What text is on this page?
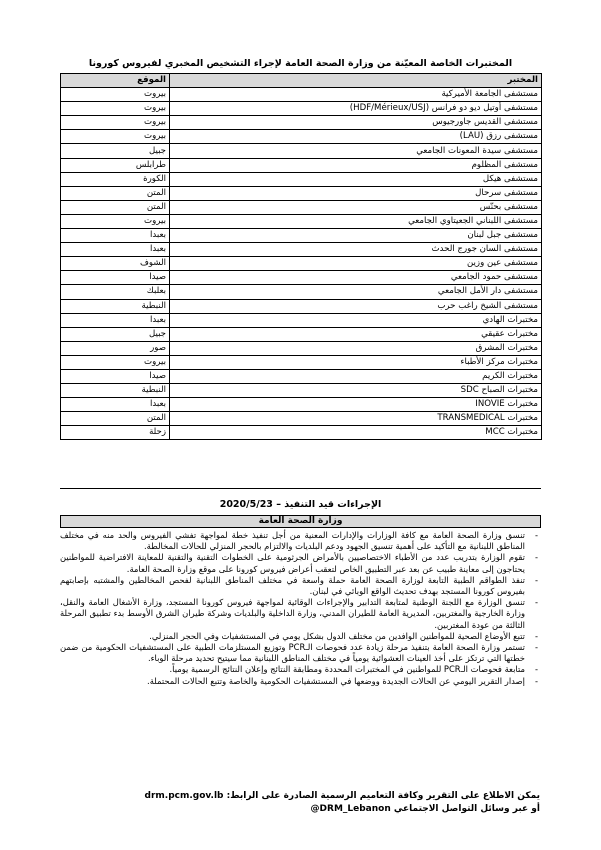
المختبرات الخاصة المعيّنة من وزارة الصحة العامة لإجراء التشخيص المخبري لفيروس كورونا
المختبر	الموقع
مستشفى الجامعة الأميركية	بيروت
مستشفى أوتيل ديو دو فرانس (HDF/Mérieux/USJ)	بيروت
مستشفى القديس جاورجيوس	بيروت
مستشفى رزق (LAU)	بيروت
مستشفى سيدة المعونات الجامعي	جبيل
مستشفى المظلوم	طرابلس
مستشفى هيكل	الكورة
مستشفى سرحال	المتن
مستشفى بحنّس	المتن
مستشفى اللبناني الجعيتاوي الجامعي	بيروت
مستشفى جبل لبنان	بعبدا
مستشفى السان جورج الحدث	بعبدا
مستشفى عين وزين	الشوف
مستشفى حمود الجامعي	صيدا
مستشفى دار الأمل الجامعي	بعلبك
مستشفى الشيخ راغب حرب	النبطية
مختبرات الهادي	بعبدا
مختبرات عقيقي	جبيل
مختبرات المشرق	صور
مختبرات مركز الأطباء	بيروت
مختبرات الكريم	صيدا
مختبرات الصباح SDC	النبطية
مختبرات INOVIE	بعبدا
مختبرات TRANSMEDICAL	المتن
مختبرات MCC	زحلة
الإجراءات قيد التنفيذ – 2020/5/23
وزارة الصحة العامة
-
تنسق وزارة الصحة العامة مع كافة الوزارات والإدارات المعنية من أجل تنفيذ خطة لمواجهة تفشي الفيروس والحد منه في مختلف المناطق اللبنانية مع التأكيد على أهمية تنسيق الجهود ودعم البلديات والالتزام بالحجر المنزلي للحالات المخالطة.
-
تقوم الوزارة بتدريب عدد من الأطباء الاختصاصيين بالأمراض الجرثومية على الخطوات التقنية والتقنية للمعاينة الافتراضية للمواطنين يحتاجون إلى معاينة طبيب عن بعد عبر التطبيق الخاص لتعقب أعراض فيروس كورونا على موقع وزارة الصحة العامة.
-
تنفذ الطواقم الطبية التابعة لوزارة الصحة العامة حملة واسعة في مختلف المناطق اللبنانية لفحص المخالطين والمشتبه بإصابتهم بفيروس كورونا المستجد بهدف تحديث الواقع الوبائي في لبنان.
-
تنسق الوزارة مع اللجنة الوطنية لمتابعة التدابير والإجراءات الوقائية لمواجهة فيروس كورونا المستجد، وزارة الأشغال العامة والنقل، وزارة الخارجية والمغتربين، المديرية العامة للطيران المدني، وزارة الداخلية والبلديات وشركة طيران الشرق الأوسط بدء تطبيق المرحلة الثالثة من عودة المغتربين.
-
تتبع الأوضاع الصحية للمواطنين الوافدين من مختلف الدول بشكل يومي في المستشفيات وفي الحجر المنزلي.
-
تستمر وزارة الصحة العامة بتنفيذ مرحلة زيادة عدد فحوصات الـPCR وتوزيع المستلزمات الطبية على المستشفيات الحكومية من ضمن خطتها التي ترتكز على أخذ العينات العشوائية يومياً في مختلف المناطق اللبنانية مما سيتيح تحديد مرحلة الوباء.
-
متابعة فحوصات الـPCR للمواطنين في المختبرات المحددة ومطابقة النتائج وإعلان النتائج الرسمية يومياً.
-
إصدار التقرير اليومي عن الحالات الجديدة ووضعها في المستشفيات الحكومية والخاصة وتتبع الحالات المحتملة.
يمكن الاطلاع على التقرير وكافة التعاميم الرسمية الصادرة على الرابط: drm.pcm.gov.lb
أو عبر وسائل التواصل الاجتماعي @DRM_Lebanon
